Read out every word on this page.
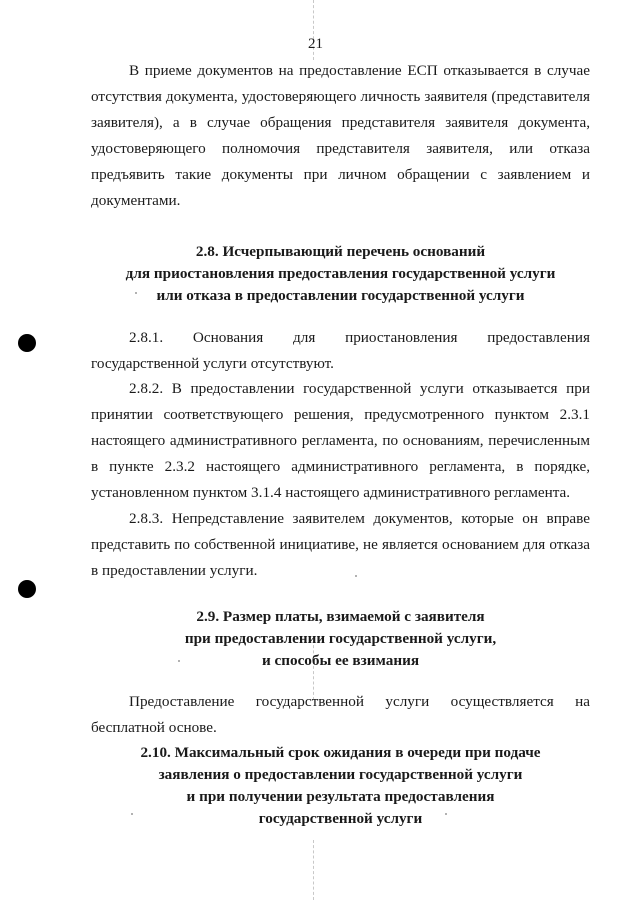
21

В приеме документов на предоставление ЕСП отказывается в случае отсутствия документа, удостоверяющего личность заявителя (представителя заявителя), а в случае обращения представителя заявителя документа, удостоверяющего полномочия представителя заявителя, или отказа предъявить такие документы при личном обращении с заявлением и документами.

2.8. Исчерпывающий перечень оснований
для приостановления предоставления государственной услуги
или отказа в предоставлении государственной услуги

2.8.1. Основания для приостановления предоставления государственной услуги отсутствуют.

2.8.2. В предоставлении государственной услуги отказывается при принятии соответствующего решения, предусмотренного пунктом 2.3.1 настоящего административного регламента, по основаниям, перечисленным в пункте 2.3.2 настоящего административного регламента, в порядке, установленном пунктом 3.1.4 настоящего административного регламента.

2.8.3. Непредставление заявителем документов, которые он вправе представить по собственной инициативе, не является основанием для отказа в предоставлении услуги.

2.9. Размер платы, взимаемой с заявителя
при предоставлении государственной услуги,
и способы ее взимания

Предоставление государственной услуги осуществляется на бесплатной основе.

2.10. Максимальный срок ожидания в очереди при подаче
заявления о предоставлении государственной услуги
и при получении результата предоставления
государственной услуги
